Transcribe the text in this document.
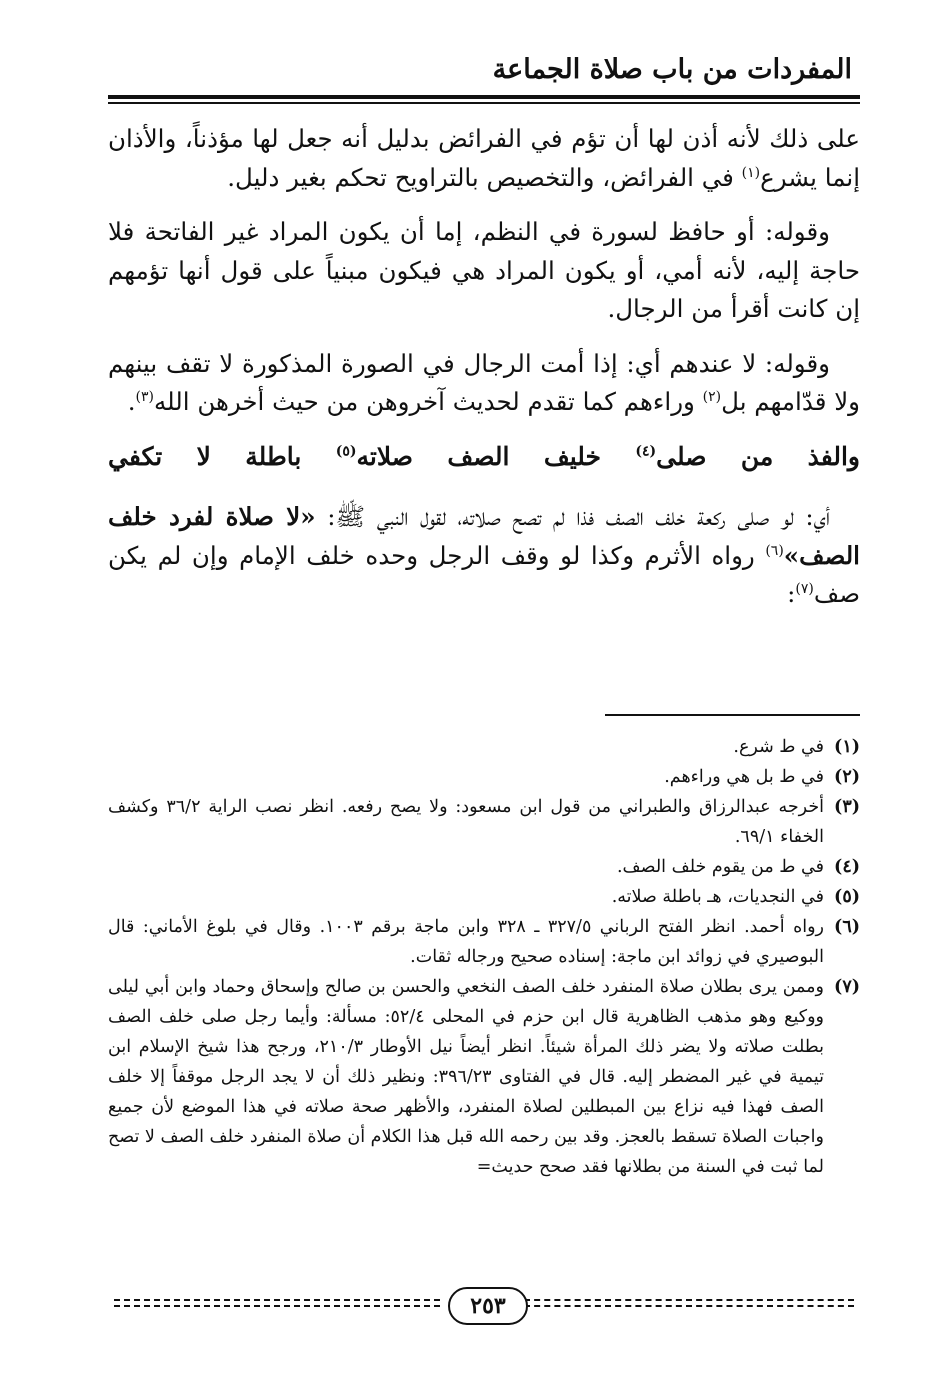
المفردات من باب صلاة الجماعة

على ذلك لأنه أذن لها أن تؤم في الفرائض بدليل أنه جعل لها مؤذناً، والأذان إنما يشرع$^{(١)}$ في الفرائض، والتخصيص بالتراويح تحكم بغير دليل.

وقوله: أو حافظ لسورة في النظم، إما أن يكون المراد غير الفاتحة فلا حاجة إليه، لأنه أمي، أو يكون المراد هي فيكون مبنياً على قول أنها تؤمهم إن كانت أقرأ من الرجال.

وقوله: لا عندهم أي: إذا أمت الرجال في الصورة المذكورة لا تقف بينهم ولا قدّامهم بل$^{(٢)}$ وراءهم كما تقدم لحديث آخروهن من حيث أخرهن الله$^{(٣)}$.

والفذ من صلى$^{(٤)}$ خليف الصف صلاته$^{(٥)}$ باطلة لا تكفي

أي: لو صلى ركعة خلف الصف فذا لم تصح صلاته، لقول النبي ﷺ: «لا صلاة لفرد خلف الصف»$^{(٦)}$ رواه الأثرم وكذا لو وقف الرجل وحده خلف الإمام وإن لم يكن صف$^{(٧)}$:

(١)
في ط شرع.
(٢)
في ط بل هي وراءهم.
(٣)
أخرجه عبدالرزاق والطبراني من قول ابن مسعود: ولا يصح رفعه. انظر نصب الراية ٣٦/٢ وكشف الخفاء ٦٩/١.
(٤)
في ط من يقوم خلف الصف.
(٥)
في النجديات، هـ باطلة صلاته.
(٦)
رواه أحمد. انظر الفتح الرباني ٣٢٧/٥ ـ ٣٢٨ وابن ماجة برقم ١٠٠٣. وقال في بلوغ الأماني: قال البوصيري في زوائد ابن ماجة: إسناده صحيح ورجاله ثقات.
(٧)
وممن يرى بطلان صلاة المنفرد خلف الصف النخعي والحسن بن صالح وإسحاق وحماد وابن أبي ليلى ووكيع وهو مذهب الظاهرية قال ابن حزم في المحلى ٥٢/٤: مسألة: وأيما رجل صلى خلف الصف بطلت صلاته ولا يضر ذلك المرأة شيئاً. انظر أيضاً نيل الأوطار ٢١٠/٣، ورجح هذا شيخ الإسلام ابن تيمية في غير المضطر إليه. قال في الفتاوى ٣٩٦/٢٣: ونظير ذلك أن لا يجد الرجل موقفاً إلا خلف الصف فهذا فيه نزاع بين المبطلين لصلاة المنفرد، والأظهر صحة صلاته في هذا الموضع لأن جميع واجبات الصلاة تسقط بالعجز. وقد بين رحمه الله قبل هذا الكلام أن صلاة المنفرد خلف الصف لا تصح لما ثبت في السنة من بطلانها فقد صحح حديث=
٢٥٣
